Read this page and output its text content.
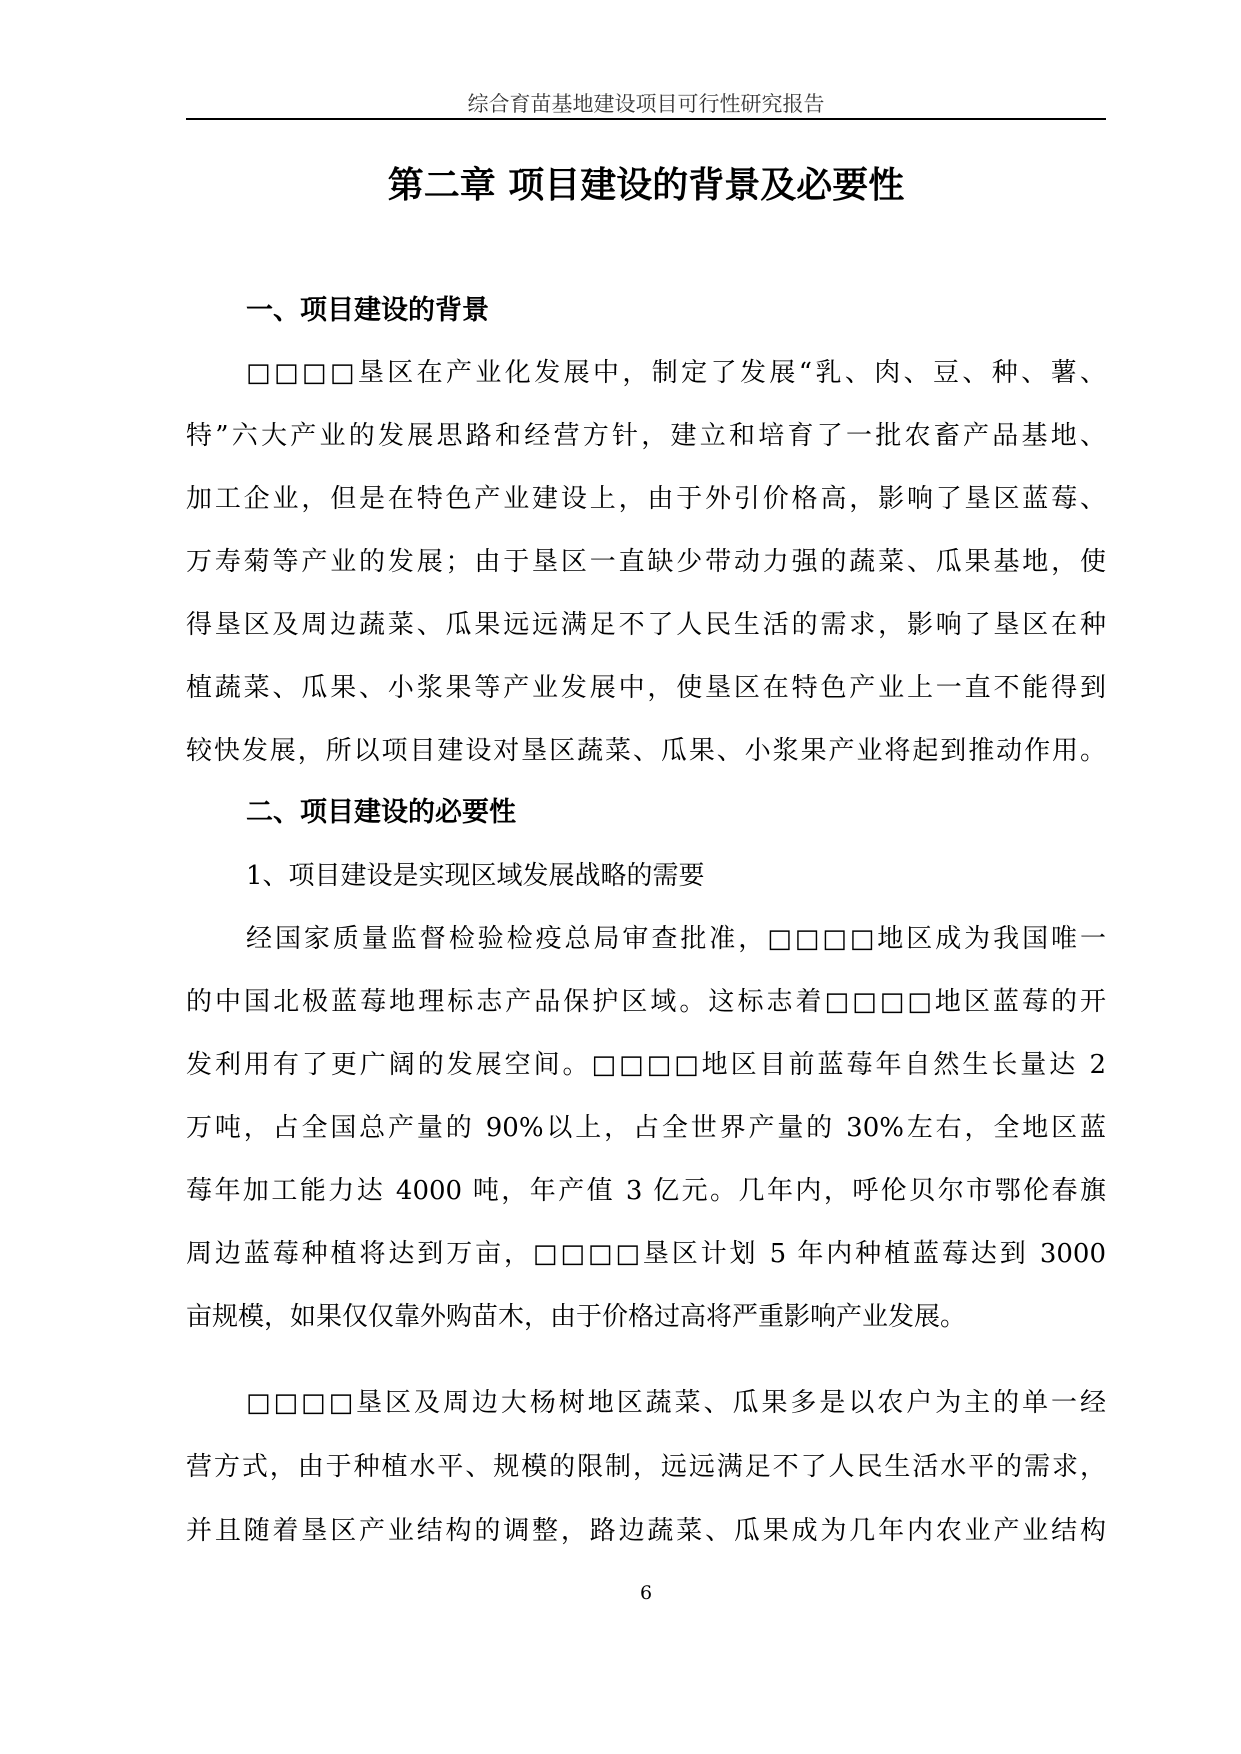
综合育苗基地建设项目可行性研究报告
第二章 项目建设的背景及必要性
一、项目建设的背景
□□□□垦区在产业化发展中，制定了发展“乳、肉、豆、种、薯、
特”六大产业的发展思路和经营方针，建立和培育了一批农畜产品基地、
加工企业，但是在特色产业建设上，由于外引价格高，影响了垦区蓝莓、
万寿菊等产业的发展；由于垦区一直缺少带动力强的蔬菜、瓜果基地，使
得垦区及周边蔬菜、瓜果远远满足不了人民生活的需求，影响了垦区在种
植蔬菜、瓜果、小浆果等产业发展中，使垦区在特色产业上一直不能得到
较快发展，所以项目建设对垦区蔬菜、瓜果、小浆果产业将起到推动作用。
二、项目建设的必要性
1、项目建设是实现区域发展战略的需要
经国家质量监督检验检疫总局审查批准，□□□□地区成为我国唯一
的中国北极蓝莓地理标志产品保护区域。这标志着□□□□地区蓝莓的开
发利用有了更广阔的发展空间。□□□□地区目前蓝莓年自然生长量达 2
万吨，占全国总产量的 90%以上，占全世界产量的 30%左右，全地区蓝
莓年加工能力达 4000 吨，年产值 3 亿元。几年内，呼伦贝尔市鄂伦春旗
周边蓝莓种植将达到万亩，□□□□垦区计划 5 年内种植蓝莓达到 3000
亩规模，如果仅仅靠外购苗木，由于价格过高将严重影响产业发展。
□□□□垦区及周边大杨树地区蔬菜、瓜果多是以农户为主的单一经
营方式，由于种植水平、规模的限制，远远满足不了人民生活水平的需求，
并且随着垦区产业结构的调整，路边蔬菜、瓜果成为几年内农业产业结构
6
